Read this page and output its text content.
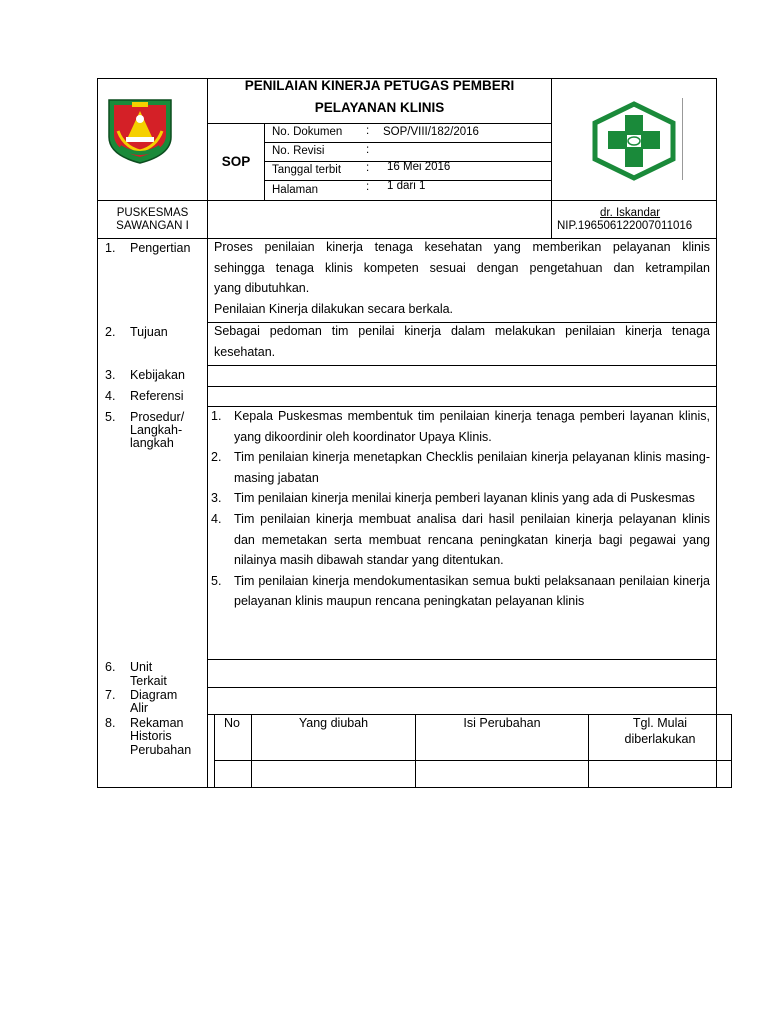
PENILAIAN KINERJA PETUGAS PEMBERI
PELAYANAN KLINIS
SOP
No. Dokumen : SOP/VIII/182/2016
No. Revisi	:
Tanggal terbit : 16 Mei 2016
Halaman	: 1 dari 1
PUSKESMAS
SAWANGAN I
dr. Iskandar
NIP.196506122007011016
1. Pengertian Proses penilaian kinerja tenaga kesehatan yang memberikan pelayanan klinis
sehingga tenaga klinis kompeten sesuai dengan pengetahuan dan ketrampilan
yang dibutuhkan.
Penilaian Kinerja dilakukan secara berkala.
2. Tujuan	Sebagai pedoman tim penilai kinerja dalam melakukan penilaian kinerja tenaga
kesehatan.
3. Kebijakan
4. Referensi
5. Prosedur/
Langkah-
langkah
1. Kepala Puskesmas membentuk tim penilaian kinerja tenaga pemberi layanan klinis, yang dikoordinir oleh koordinator Upaya Klinis.
2. Tim penilaian kinerja menetapkan Checklis penilaian kinerja pelayanan klinis masing-masing jabatan
3. Tim penilaian kinerja menilai kinerja pemberi layanan klinis yang ada di Puskesmas
4. Tim penilaian kinerja membuat analisa dari hasil penilaian kinerja pelayanan klinis dan memetakan serta membuat rencana peningkatan kinerja bagi pegawai yang nilainya masih dibawah standar yang ditentukan.
5. Tim penilaian kinerja mendokumentasikan semua bukti pelaksanaan penilaian kinerja pelayanan klinis maupun rencana peningkatan pelayanan klinis
6. Unit
Terkait
7. Diagram
Alir
8. Rekaman
Historis
Perubahan
No	Yang diubah	Isi Perubahan	Tgl. Mulai
diberlakukan
